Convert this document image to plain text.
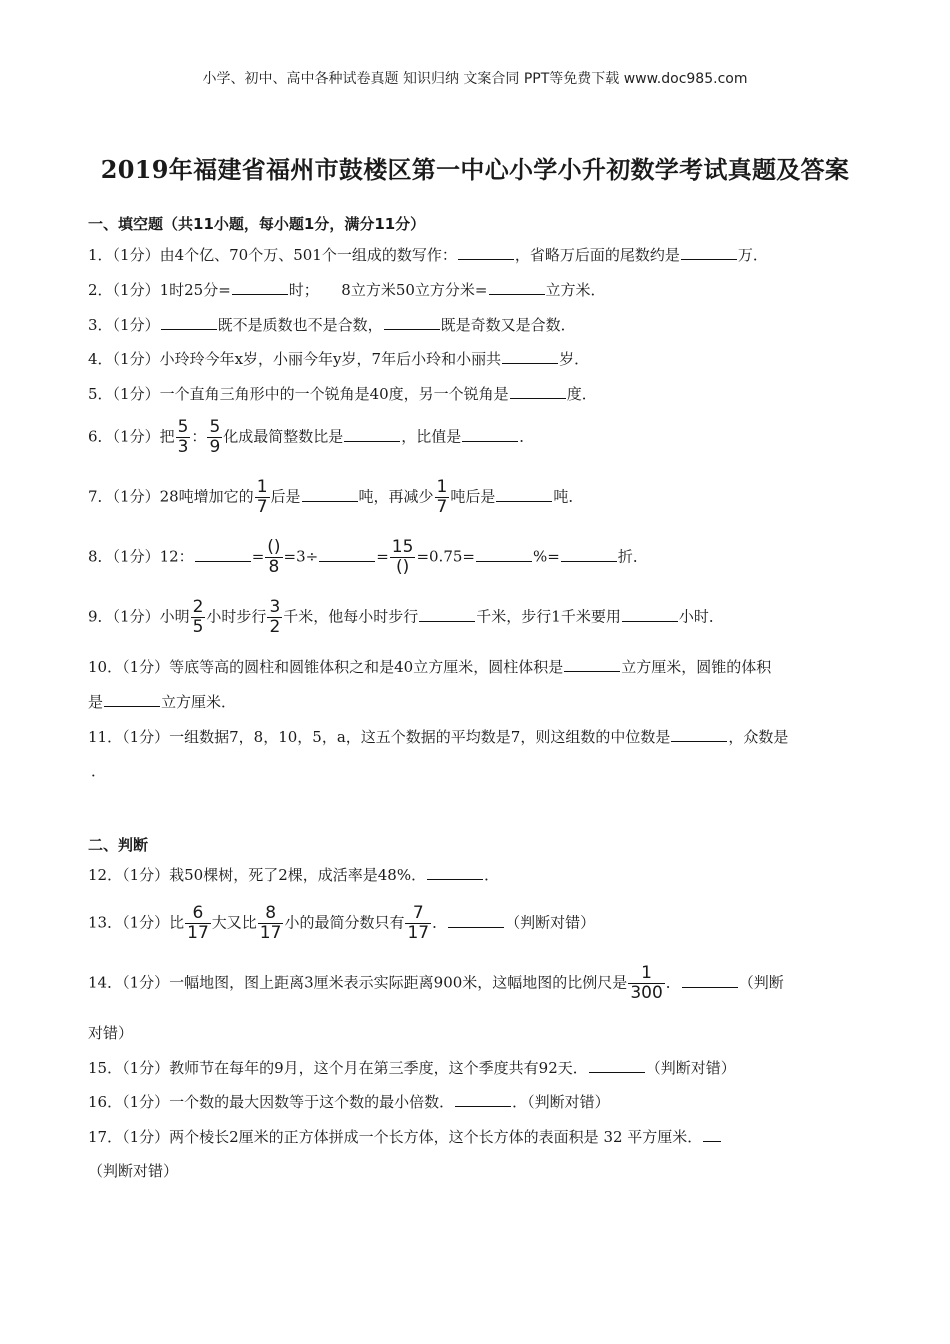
小学、初中、高中各种试卷真题 知识归纳 文案合同 PPT等免费下载 www.doc985.com
2019年福建省福州市鼓楼区第一中心小学小升初数学考试真题及答案
一、填空题（共11小题，每小题1分，满分11分）
1．（1分）由4个亿、70个万、501个一组成的数写作：	，省略万后面的尾数约是	万．
2．（1分）1时25分=	时；　　8立方米50立方分米=	立方米．
3．（1分）	既不是质数也不是合数，	既是奇数又是合数．
4．（1分）小玲玲今年x岁，小丽今年y岁，7年后小玲和小丽共	岁．
5．（1分）一个直角三角形中的一个锐角是40度，另一个锐角是	度．
6．（1分）把 $\frac{5}{3}$ ： $\frac{5}{9}$ 化成最简整数比是	，比值是	．
7．（1分）28吨增加它的 $\frac{1}{7}$ 后是	吨，再减少 $\frac{1}{7}$ 吨后是	吨．
8．（1分）12：	= $\frac{()}{8} =3\div$	= $\frac{15}{()} =0.75=$	%=	折．
9．（1分）小明 $\frac{2}{5}$ 小时步行 $\frac{3}{2}$ 千米，他每小时步行	千米，步行1千米要用	小时．
10．（1分）等底等高的圆柱和圆锥体积之和是40立方厘米，圆柱体积是	立方厘米，圆锥的体积
是	立方厘米．
11．（1分）一组数据7，8，10，5，a，这五个数据的平均数是7，则这组数的中位数是	，众数是
．
二、判断
12．（1分）栽50棵树，死了2棵，成活率是48%．	．
13．（1分）比 $\frac{6}{17}$ 大又比 $\frac{8}{17}$ 小的最简分数只有 $\frac{7}{17}$ ．	（判断对错）
14．（1分）一幅地图，图上距离3厘米表示实际距离900米，这幅地图的比例尺是 $\frac{1}{300}$ ．	（判断
对错）
15．（1分）教师节在每年的9月，这个月在第三季度，这个季度共有92天．	（判断对错）
16．（1分）一个数的最大因数等于这个数的最小倍数．	．（判断对错）
17．（1分）两个棱长2厘米的正方体拼成一个长方体，这个长方体的表面积是 32 平方厘米．
（判断对错）
